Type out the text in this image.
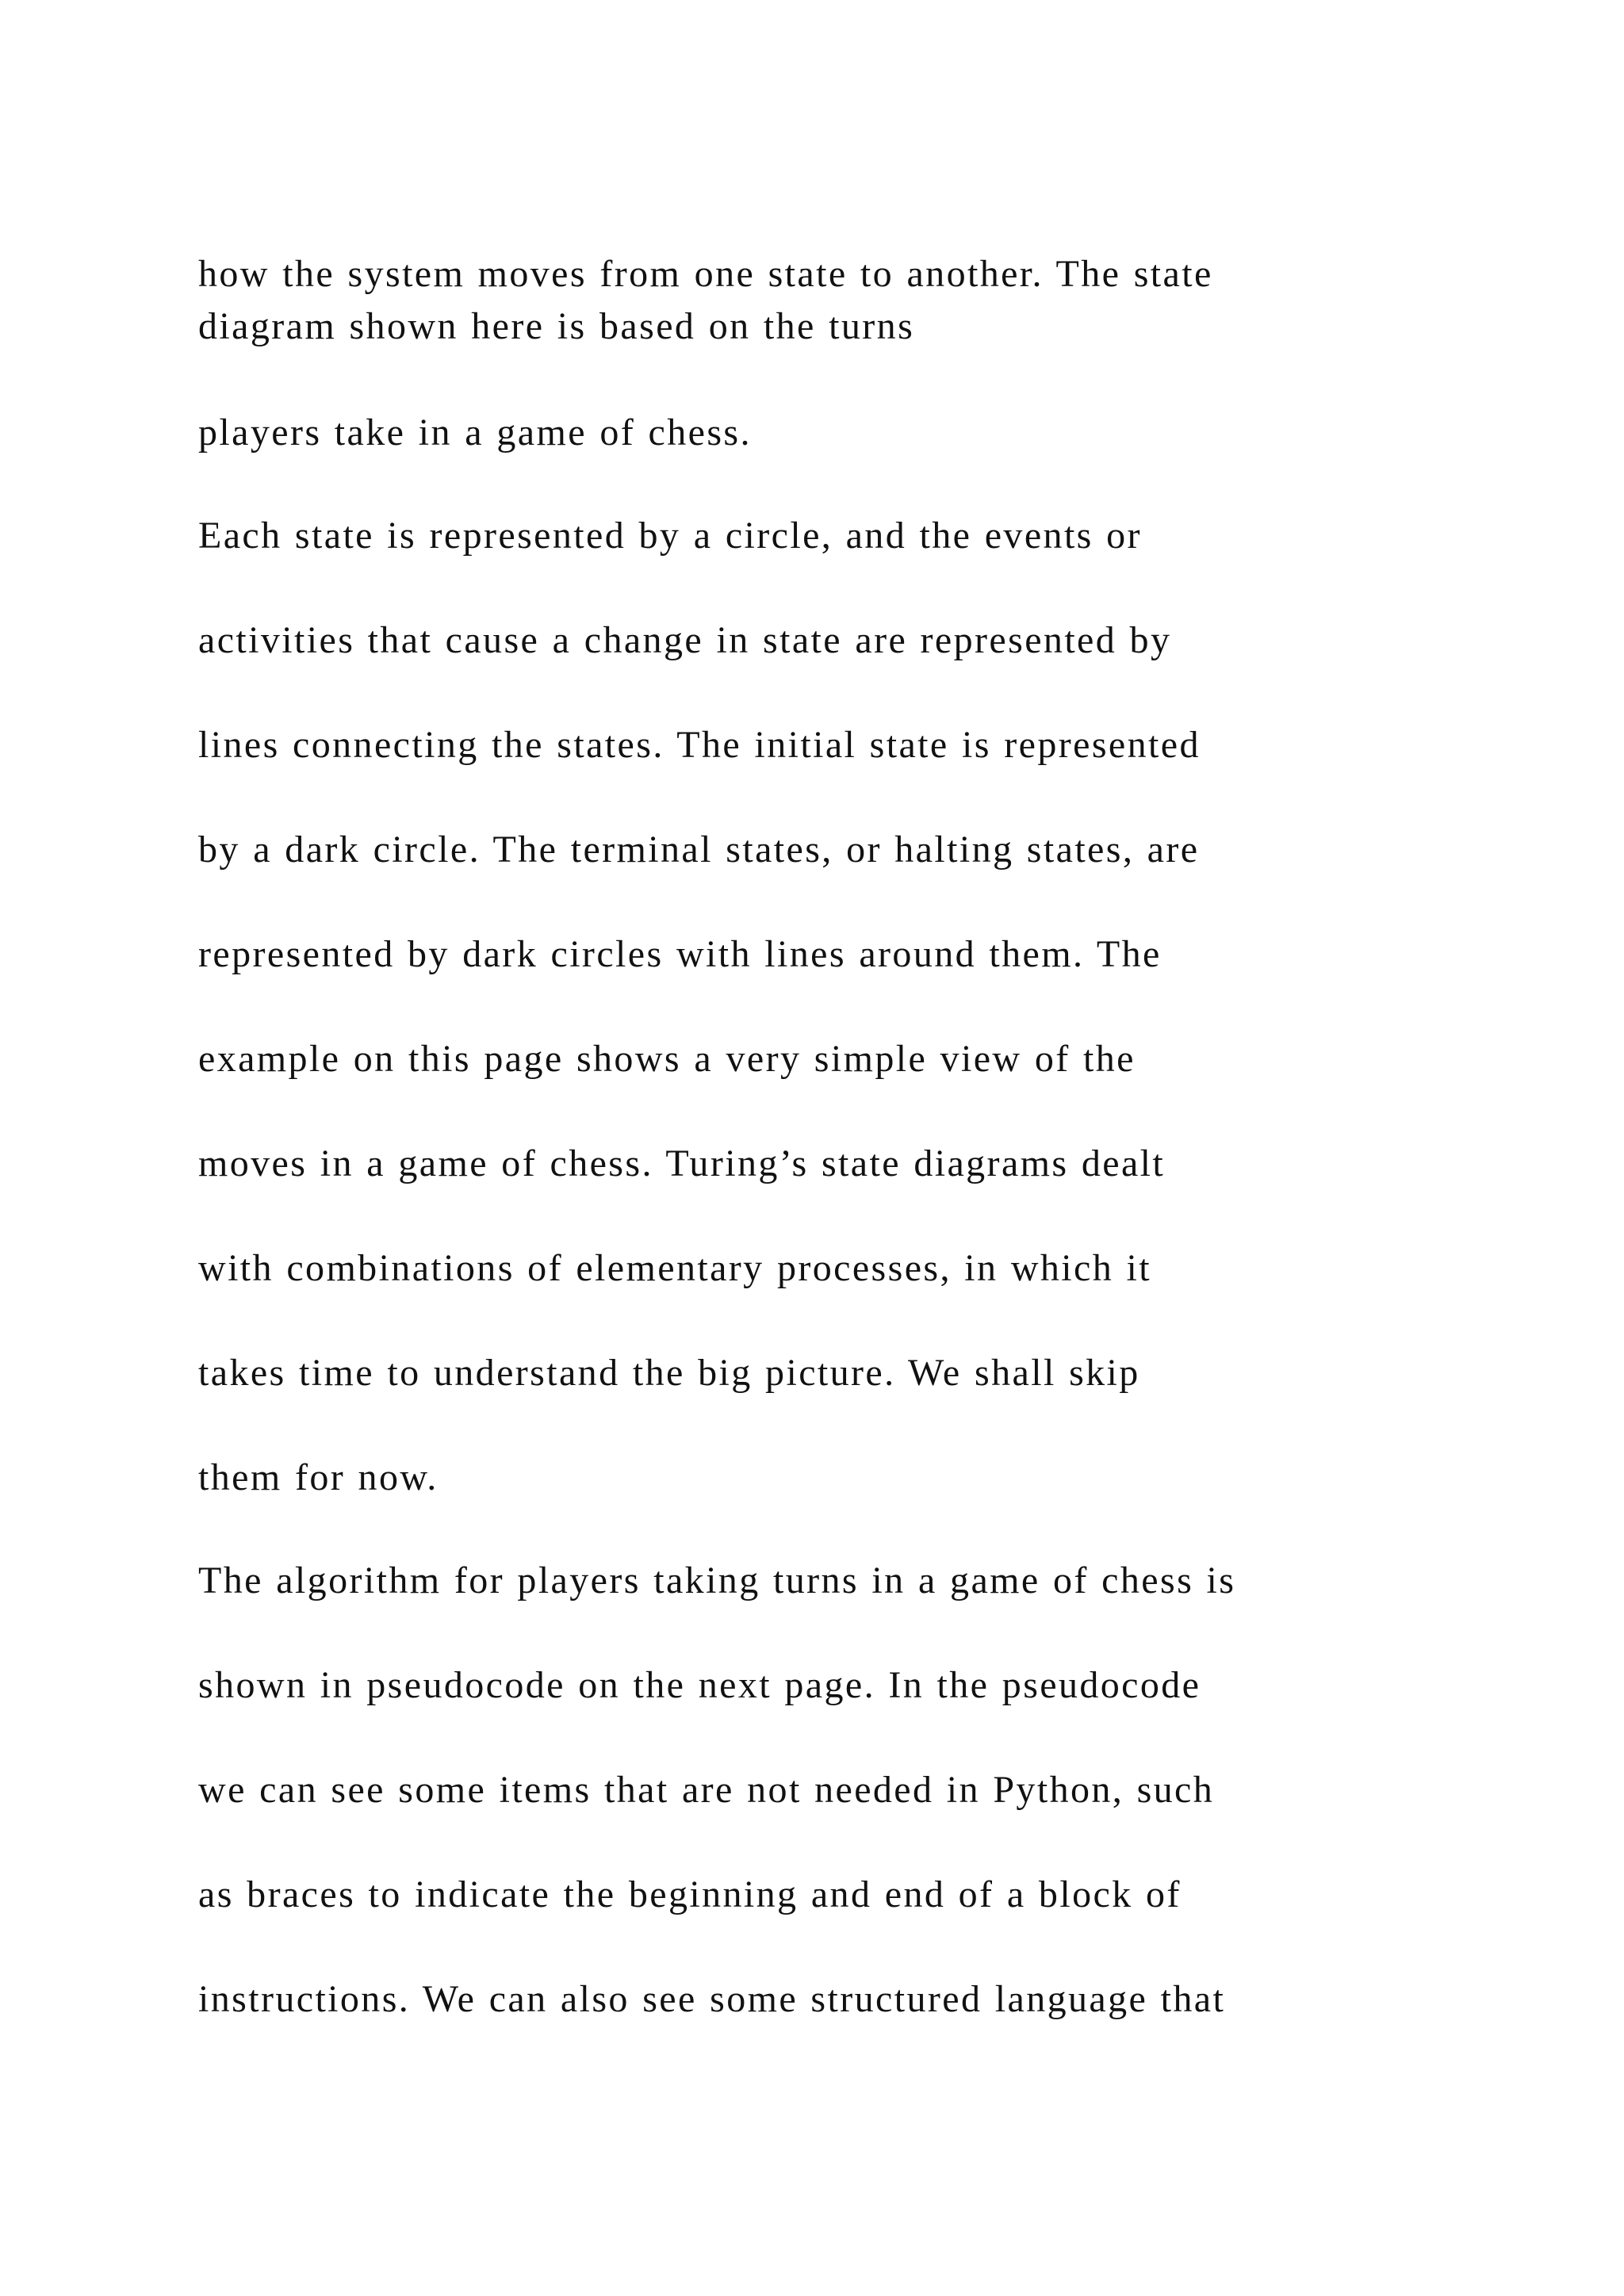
how the system moves from one state to another. The state

diagram shown here is based on the turns

players take in a game of chess.

Each state is represented by a circle, and the events or

activities that cause a change in state are represented by

lines connecting the states. The initial state is represented

by a dark circle. The terminal states, or halting states, are

represented by dark circles with lines around them. The

example on this page shows a very simple view of the

moves in a game of chess. Turing’s state diagrams dealt

with combinations of elementary processes, in which it

takes time to understand the big picture. We shall skip

them for now.

The algorithm for players taking turns in a game of chess is

shown in pseudocode on the next page. In the pseudocode

we can see some items that are not needed in Python, such

as braces to indicate the beginning and end of a block of

instructions. We can also see some structured language that
